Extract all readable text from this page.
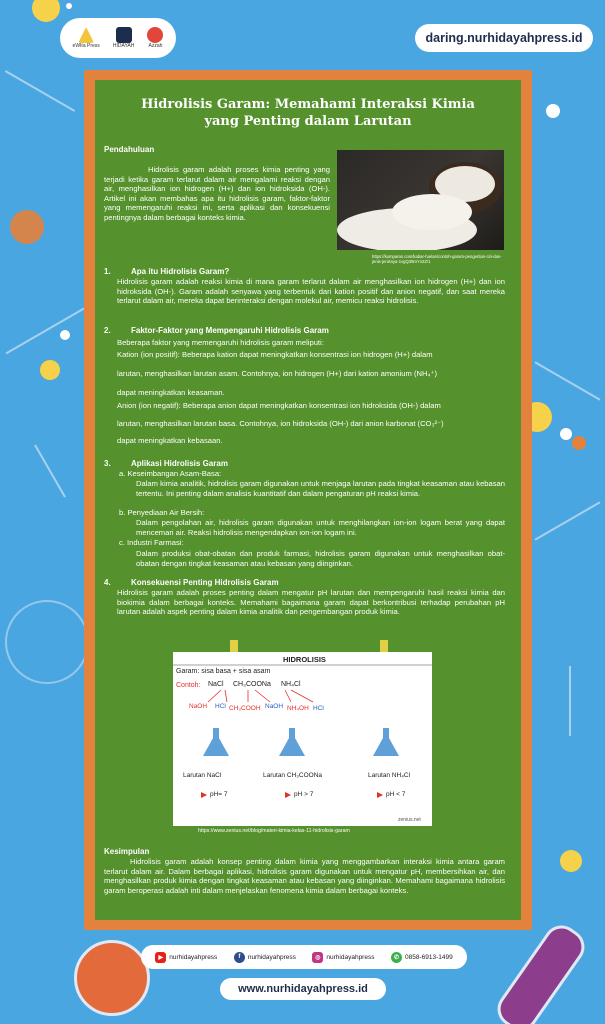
eWIta Press	HIDAYAH	Azzah
daring.nurhidayahpress.id
Hidrolisis Garam: Memahami Interaksi Kimia
yang Penting dalam Larutan
Pendahuluan
Hidrolisis garam adalah proses kimia penting yang terjadi ketika garam terlarut dalam air mengalami reaksi dengan air, menghasilkan ion hidrogen (H+) dan ion hidroksida (OH-). Artikel ini akan membahas apa itu hidrolisis garam, faktor-faktor yang memengaruhi reaksi ini, serta aplikasi dan konsekuensi pentingnya dalam berbagai konteks kimia.
https://kumparan.com/kabar-harian/contoh-garam-pengertian-ciri-dan-jenis-jenisnya-1vgQ39mYn2Z/1
1.	Apa itu Hidrolisis Garam?
Hidrolisis garam adalah reaksi kimia di mana garam terlarut dalam air menghasilkan ion hidrogen (H+) dan ion hidroksida (OH-). Garam adalah senyawa yang terbentuk dari kation positif dan anion negatif, dan saat mereka terlarut dalam air, mereka dapat berinteraksi dengan molekul air, memicu reaksi hidrolisis.
2.	Faktor-Faktor yang Mempengaruhi Hidrolisis Garam
Beberapa faktor yang memengaruhi hidrolisis garam meliputi:
Kation (ion positif): Beberapa kation dapat meningkatkan konsentrasi ion hidrogen (H+) dalam
larutan, menghasilkan larutan asam. Contohnya, ion hidrogen (H+) dari kation amonium (NH₄⁺)
dapat meningkatkan keasaman.
Anion (ion negatif): Beberapa anion dapat meningkatkan konsentrasi ion hidroksida (OH-) dalam
larutan, menghasilkan larutan basa. Contohnya, ion hidroksida (OH-) dari anion karbonat (CO₃²⁻)
dapat meningkatkan kebasaan.
3.	Aplikasi Hidrolisis Garam
a. Keseimbangan Asam-Basa:
Dalam kimia analitik, hidrolisis garam digunakan untuk menjaga larutan pada tingkat keasaman atau kebasan tertentu. Ini penting dalam analisis kuantitatif dan dalam pengaturan pH reaksi kimia.
b. Penyediaan Air Bersih:
Dalam pengolahan air, hidrolisis garam digunakan untuk menghilangkan ion-ion logam berat yang dapat mencemari air. Reaksi hidrolisis mengendapkan ion-ion logam ini.
c. Industri Farmasi:
Dalam produksi obat-obatan dan produk farmasi, hidrolisis garam digunakan untuk menghasilkan obat-obatan dengan tingkat keasaman atau kebasan yang diinginkan.
4.	Konsekuensi Penting Hidrolisis Garam
Hidrolisis garam adalah proses penting dalam mengatur pH larutan dan mempengaruhi hasil reaksi kimia dan biokimia dalam berbagai konteks. Memahami bagaimana garam dapat berkontribusi terhadap perubahan pH larutan adalah aspek penting dalam kimia analitik dan pengembangan produk kimia.
HIDROLISIS
Garam: sisa basa + sisa asam
Contoh: NaCl CH₃COONa NH₄Cl
NaOH HCl CH₃COOH NaOH NH₄OH HCl
Larutan NaCl	Larutan CH₃COONa	Larutan NH₄Cl
pH= 7	pH > 7	pH < 7
zenius.net
https://www.zenius.net/blog/materi-kimia-kelas-11-hidrolisis-garam
Kesimpulan
Hidrolisis garam adalah konsep penting dalam kimia yang menggambarkan interaksi kimia antara garam terlarut dalam air. Dalam berbagai aplikasi, hidrolisis garam digunakan untuk mengatur pH, membersihkan air, dan menghasilkan produk kimia dengan tingkat keasaman atau kebasan yang diinginkan. Memahami bagaimana hidrolisis garam beroperasi adalah inti dalam menjelaskan fenomena kimia dalam berbagai konteks.
▶ nurhidayahpress	f	nurhidayahpress	◎ nurhidayahpress	✆ 0858-6913-1499
www.nurhidayahpress.id
